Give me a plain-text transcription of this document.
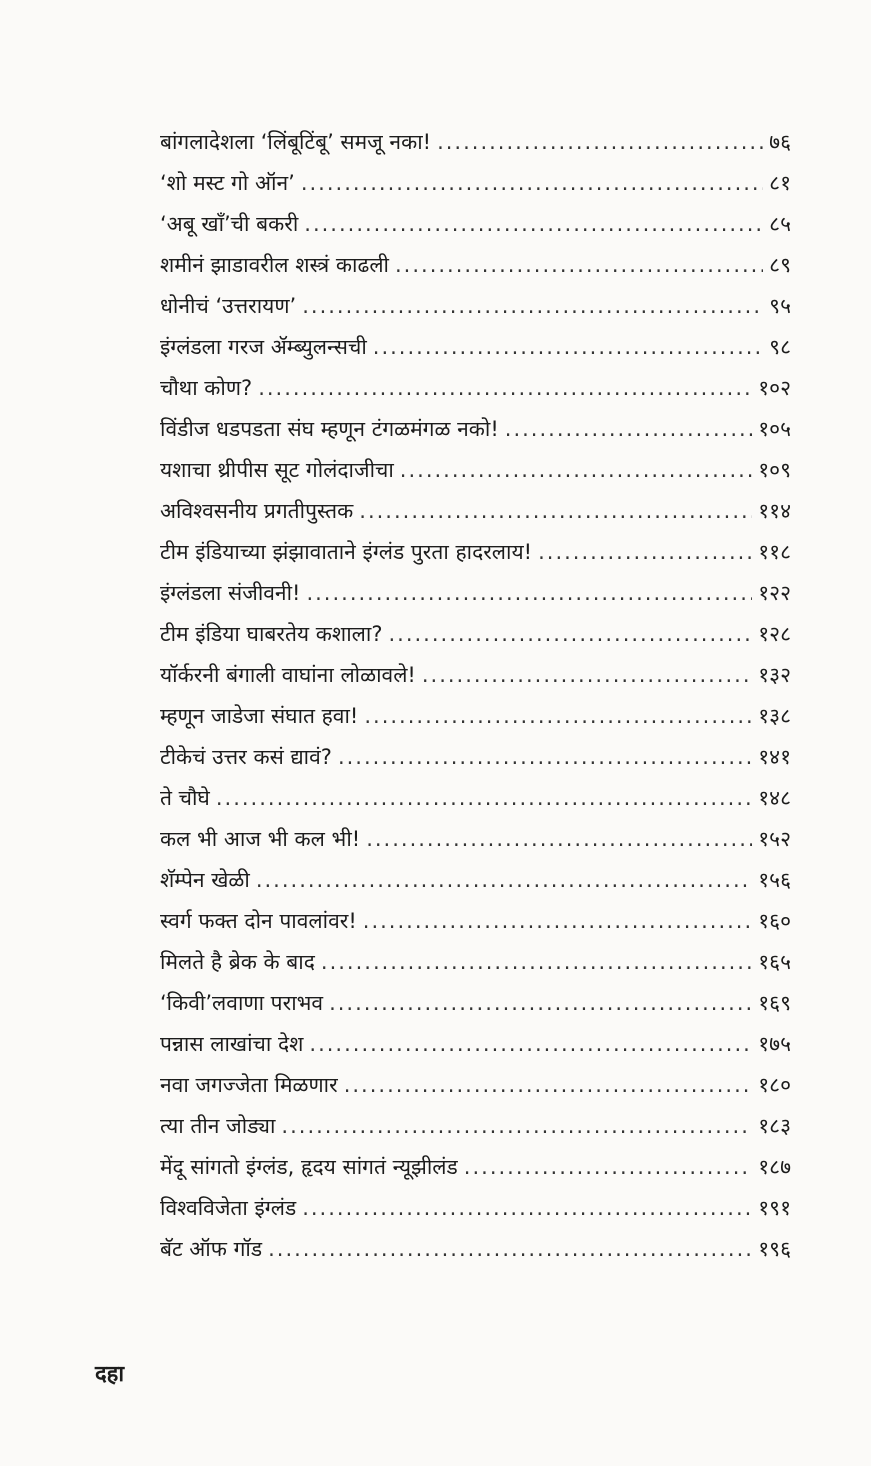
बांगलादेशला ‘लिंबूटिंबू’ समजू नका! .....	७६
‘शो मस्ट गो ऑन’ .....	८१
‘अबू खाँ’ची बकरी .....	८५
शमीनं झाडावरील शस्त्रं काढली .....	८९
धोनीचं ‘उत्तरायण’ .....	९५
इंग्लंडला गरज ॲम्ब्युलन्सची .....	९८
चौथा कोण? .....	१०२
विंडीज धडपडता संघ म्हणून टंगळमंगळ नको! .....	१०५
यशाचा थ्रीपीस सूट गोलंदाजीचा .....	१०९
अविश्वसनीय प्रगतीपुस्तक .....	११४
टीम इंडियाच्या झंझावाताने इंग्लंड पुरता हादरलाय! .....	११८
इंग्लंडला संजीवनी! .....	१२२
टीम इंडिया घाबरतेय कशाला? .....	१२८
यॉर्करनी बंगाली वाघांना लोळावले! .....	१३२
म्हणून जाडेजा संघात हवा! .....	१३८
टीकेचं उत्तर कसं द्यावं? .....	१४१
ते चौघे .....	१४८
कल भी आज भी कल भी! .....	१५२
शॅम्पेन खेळी .....	१५६
स्वर्ग फक्त दोन पावलांवर! .....	१६०
मिलते है ब्रेक के बाद .....	१६५
‘किवी’लवाणा पराभव .....	१६९
पन्नास लाखांचा देश .....	१७५
नवा जगज्जेता मिळणार .....	१८०
त्या तीन जोड्या .....	१८३
मेंदू सांगतो इंग्लंड, हृदय सांगतं न्यूझीलंड .....	१८७
विश्वविजेता इंग्लंड .....	१९१
बॅट ऑफ गॉड .....	१९६
दहा
